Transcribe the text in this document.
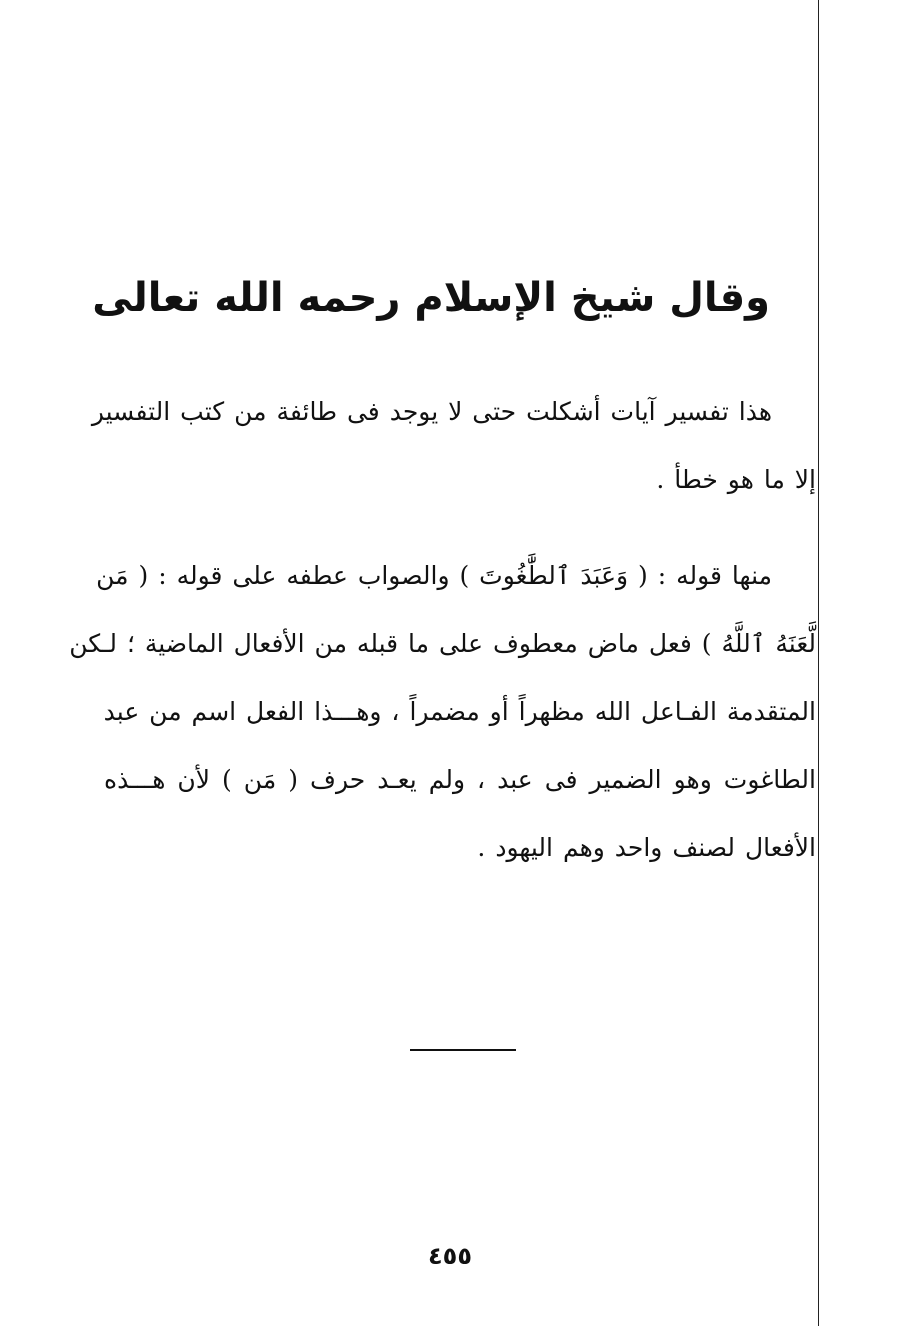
وقال شيخ الإسلام رحمه الله تعالى
هذا تفسير آيات أشكلت حتى لا يوجد فى طائفة من كتب التفسير
إلا ما هو خطأ .
منها قوله : ( وَعَبَدَ ٱلطَّٰغُوتَ ) والصواب عطفه على قوله : ( مَن
لَّعَنَهُ ٱللَّهُ ) فعل ماض معطوف على ما قبله من الأفعال الماضية ؛ لـكن
المتقدمة الفـاعل الله مظهراً أو مضمراً ، وهـــذا الفعل اسم من عبد
الطاغوت وهو الضمير فى عبد ، ولم يعـد حرف ( مَن ) لأن هـــذه
الأفعال لصنف واحد وهم اليهود .
٤٥٥
